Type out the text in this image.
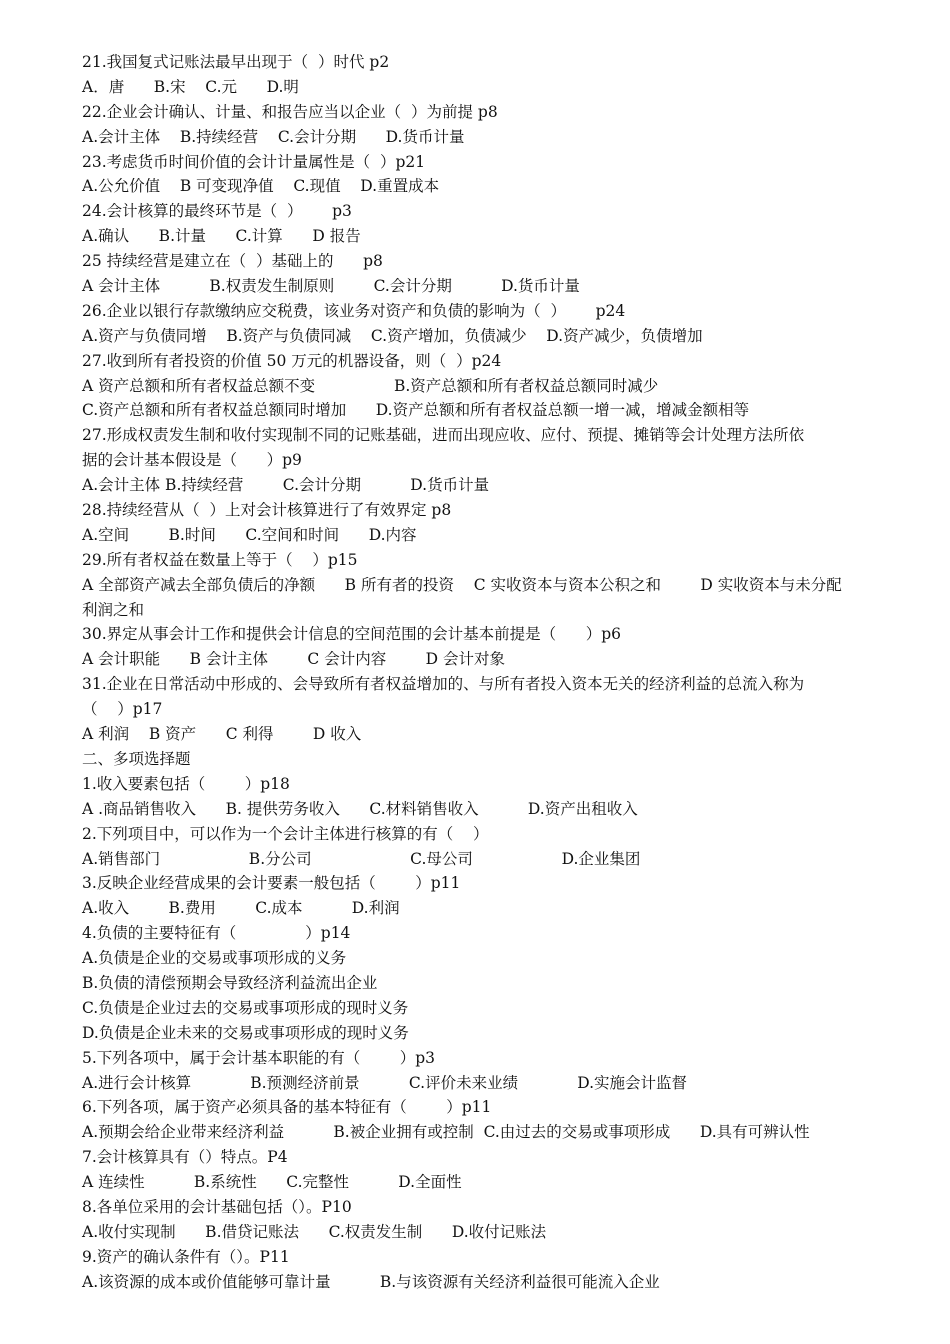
21.我国复式记账法最早出现于（  ）时代 p2
A．唐      B.宋    C.元      D.明
22.企业会计确认、计量、和报告应当以企业（  ）为前提 p8
A.会计主体    B.持续经营    C.会计分期      D.货币计量
23.考虑货币时间价值的会计计量属性是（  ）p21
A.公允价值    B 可变现净值    C.现值    D.重置成本
24.会计核算的最终环节是（  ）      p3
A.确认      B.计量      C.计算      D 报告
25 持续经营是建立在（  ）基础上的      p8
A 会计主体          B.权责发生制原则        C.会计分期          D.货币计量
26.企业以银行存款缴纳应交税费，该业务对资产和负债的影响为（  ）      p24
A.资产与负债同增    B.资产与负债同减    C.资产增加，负债减少    D.资产减少，负债增加
27.收到所有者投资的价值 50 万元的机器设备，则（  ）p24
A 资产总额和所有者权益总额不变                B.资产总额和所有者权益总额同时减少
C.资产总额和所有者权益总额同时增加      D.资产总额和所有者权益总额一增一减，增减金额相等
27.形成权责发生制和收付实现制不同的记账基础，进而出现应收、应付、预提、摊销等会计处理方法所依
据的会计基本假设是（      ）p9
A.会计主体 B.持续经营        C.会计分期          D.货币计量
28.持续经营从（  ）上对会计核算进行了有效界定 p8
A.空间        B.时间      C.空间和时间      D.内容
29.所有者权益在数量上等于（    ）p15
A 全部资产减去全部负债后的净额      B 所有者的投资    C 实收资本与资本公积之和        D 实收资本与未分配
利润之和
30.界定从事会计工作和提供会计信息的空间范围的会计基本前提是（      ）p6
A 会计职能      B 会计主体        C 会计内容        D 会计对象
31.企业在日常活动中形成的、会导致所有者权益增加的、与所有者投入资本无关的经济利益的总流入称为
（    ）p17
A 利润    B 资产      C 利得        D 收入
二、多项选择题
1.收入要素包括（        ）p18
A .商品销售收入      B. 提供劳务收入      C.材料销售收入          D.资产出租收入
2.下列项目中，可以作为一个会计主体进行核算的有（    ）
A.销售部门                  B.分公司                    C.母公司                  D.企业集团
3.反映企业经营成果的会计要素一般包括（        ）p11
A.收入        B.费用        C.成本          D.利润
4.负债的主要特征有（              ）p14
A.负债是企业的交易或事项形成的义务
B.负债的清偿预期会导致经济利益流出企业
C.负债是企业过去的交易或事项形成的现时义务
D.负债是企业未来的交易或事项形成的现时义务
5.下列各项中，属于会计基本职能的有（        ）p3
A.进行会计核算            B.预测经济前景          C.评价未来业绩            D.实施会计监督
6.下列各项，属于资产必须具备的基本特征有（        ）p11
A.预期会给企业带来经济利益          B.被企业拥有或控制  C.由过去的交易或事项形成      D.具有可辨认性
7.会计核算具有（）特点。P4
A 连续性          B.系统性      C.完整性          D.全面性
8.各单位采用的会计基础包括（）。P10
A.收付实现制      B.借贷记账法      C.权责发生制      D.收付记账法
9.资产的确认条件有（）。P11
A.该资源的成本或价值能够可靠计量          B.与该资源有关经济利益很可能流入企业
